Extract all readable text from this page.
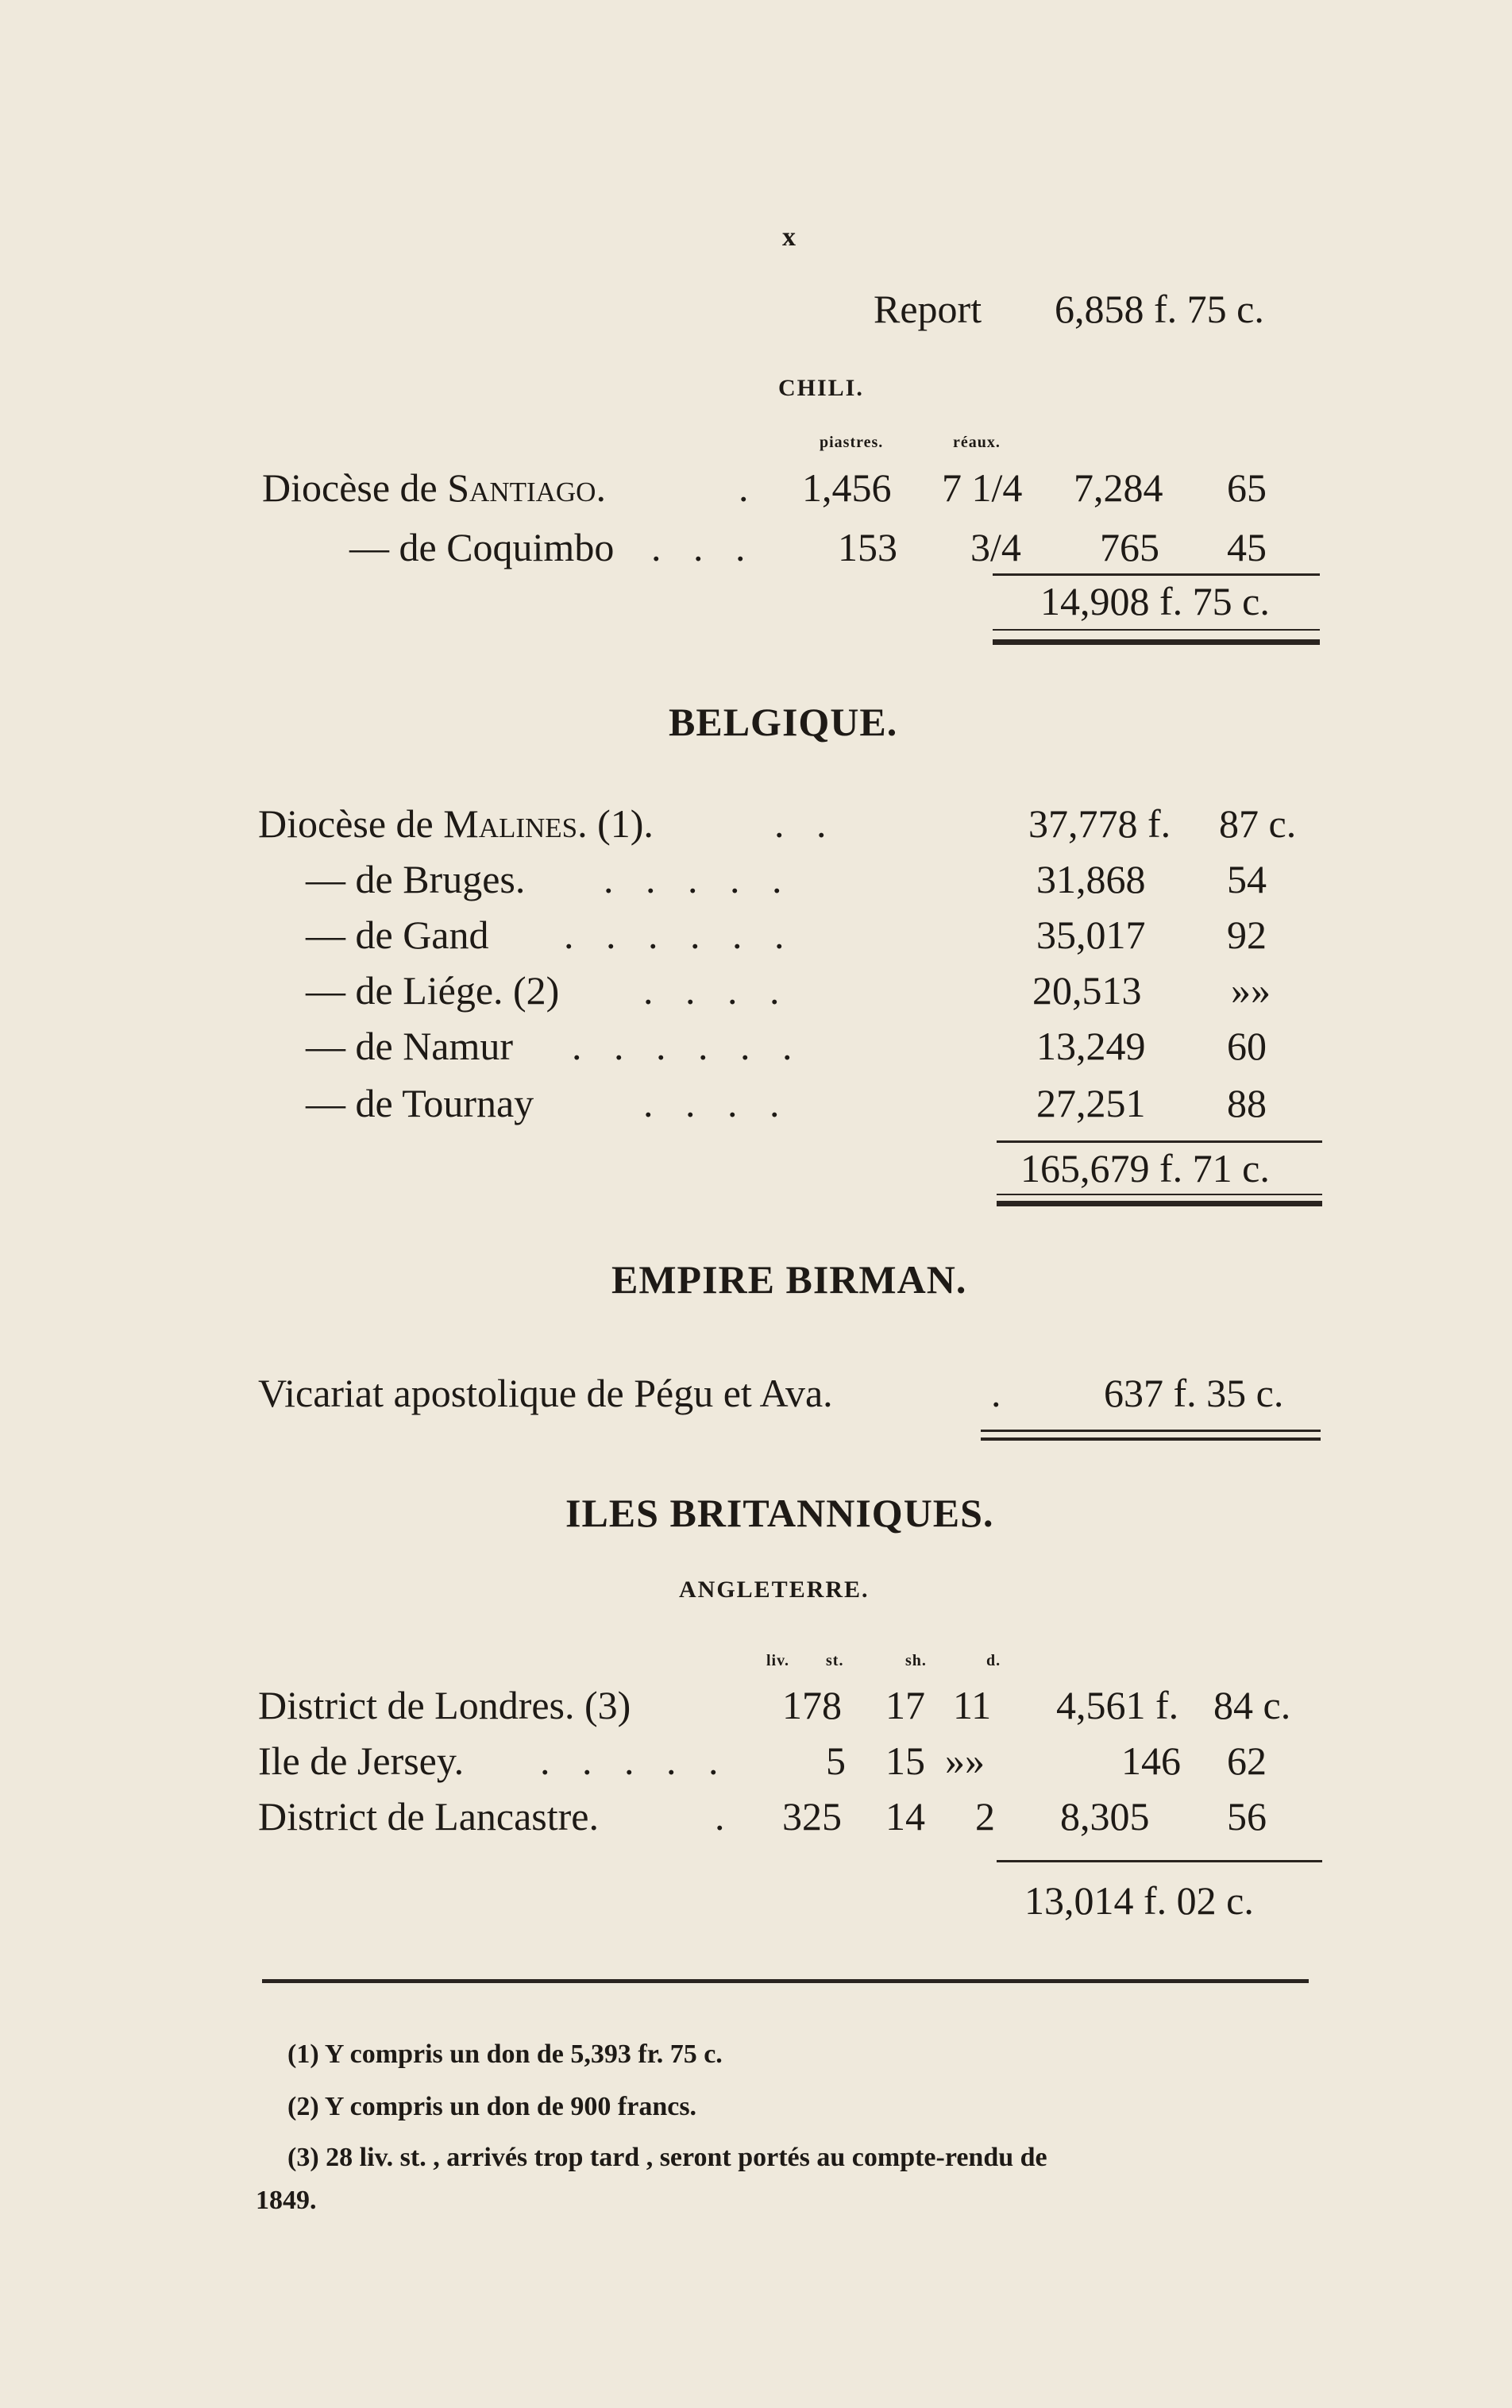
x
Report 6,858 f. 75 c.
CHILI.
piastres.	réaux.
Diocèse de Santiago.	. 1,456 7 1/4 7,284 65
— de Coquimbo . . . 153 3/4 765 45
14,908 f. 75 c.
BELGIQUE.
Diocèse de Malines. (1).	. .	37,778 f. 87 c.
— de Bruges. . . . . .	31,868 54
— de Gand . . . . . .	35,017 92
— de Liége. (2) . . . .	20,513 »»
— de Namur . . . . . .	13,249 60
— de Tournay	. . . .	27,251 88
165,679 f. 71 c.
EMPIRE BIRMAN.
Vicariat apostolique de Pégu et Ava.	.	637 f. 35 c.
ILES BRITANNIQUES.
ANGLETERRE.
liv. st.	sh.	d.
District de Londres. (3)	178 17 11 4,561 f. 84 c.
Ile de Jersey. . . . . . 5 15 »»	146 62
District de Lancastre.	. 325 14 2 8,305 56
13,014 f. 02 c.
(1) Y compris un don de 5,393 fr. 75 c.
(2) Y compris un don de 900 francs.
(3) 28 liv. st. , arrivés trop tard , seront portés au compte-rendu de
1849.
